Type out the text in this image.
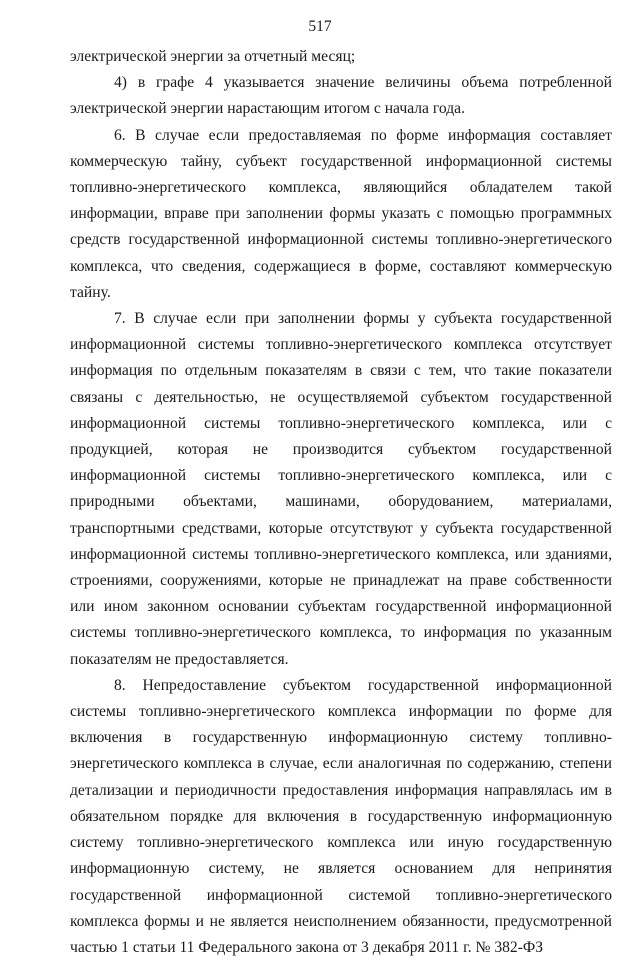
517

электрической энергии за отчетный месяц;

4) в графе 4 указывается значение величины объема потребленной электрической энергии нарастающим итогом с начала года.

6. В случае если предоставляемая по форме информация составляет коммерческую тайну, субъект государственной информационной системы топливно-энергетического комплекса, являющийся обладателем такой информации, вправе при заполнении формы указать с помощью программных средств государственной информационной системы топливно-энергетического комплекса, что сведения, содержащиеся в форме, составляют коммерческую тайну.

7. В случае если при заполнении формы у субъекта государственной информационной системы топливно-энергетического комплекса отсутствует информация по отдельным показателям в связи с тем, что такие показатели связаны с деятельностью, не осуществляемой субъектом государственной информационной системы топливно-энергетического комплекса, или с продукцией, которая не производится субъектом государственной информационной системы топливно-энергетического комплекса, или с природными объектами, машинами, оборудованием, материалами, транспортными средствами, которые отсутствуют у субъекта государственной информационной системы топливно-энергетического комплекса, или зданиями, строениями, сооружениями, которые не принадлежат на праве собственности или ином законном основании субъектам государственной информационной системы топливно-энергетического комплекса, то информация по указанным показателям не предоставляется.

8. Непредоставление субъектом государственной информационной системы топливно-энергетического комплекса информации по форме для включения в государственную информационную систему топливно-энергетического комплекса в случае, если аналогичная по содержанию, степени детализации и периодичности предоставления информация направлялась им в обязательном порядке для включения в государственную информационную систему топливно-энергетического комплекса или иную государственную информационную систему, не является основанием для непринятия государственной информационной системой топливно-энергетического комплекса формы и не является неисполнением обязанности, предусмотренной частью 1 статьи 11 Федерального закона от 3 декабря 2011 г. № 382-ФЗ
